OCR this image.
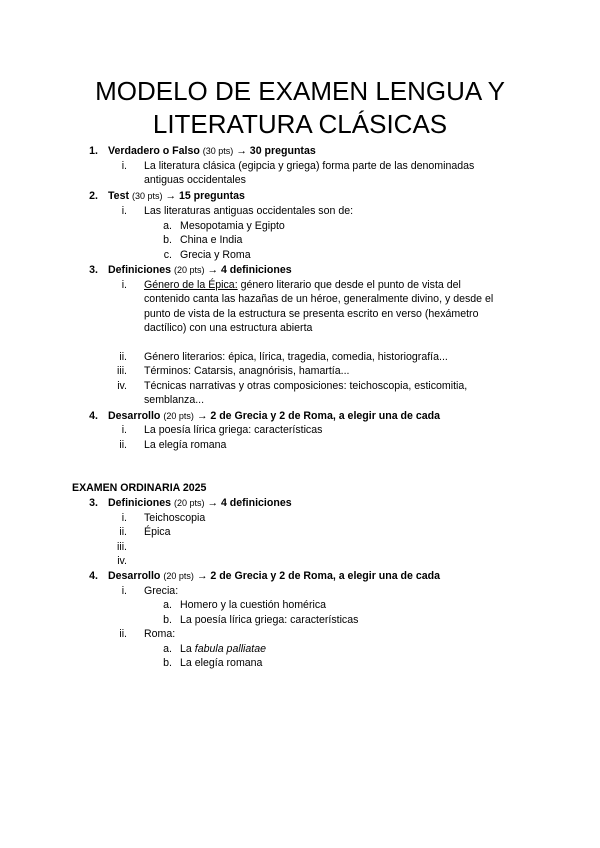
MODELO DE EXAMEN LENGUA Y
LITERATURA CLÁSICAS
1. Verdadero o Falso (30 pts) → 30 preguntas
i. La literatura clásica (egipcia y griega) forma parte de las denominadas
antiguas occidentales
2. Test (30 pts) → 15 preguntas
i. Las literaturas antiguas occidentales son de:
a. Mesopotamia y Egipto
b. China e India
c. Grecia y Roma
3. Definiciones (20 pts) → 4 definiciones
i. Género de la Épica: género literario que desde el punto de vista del
contenido canta las hazañas de un héroe, generalmente divino, y desde el
punto de vista de la estructura se presenta escrito en verso (hexámetro
dactílico) con una estructura abierta
ii. Género literarios: épica, lírica, tragedia, comedia, historiografía...
iii. Términos: Catarsis, anagnórisis, hamartía...
iv. Técnicas narrativas y otras composiciones: teichoscopia, esticomitia,
semblanza...
4. Desarrollo (20 pts) → 2 de Grecia y 2 de Roma, a elegir una de cada
i. La poesía lírica griega: características
ii. La elegía romana
EXAMEN ORDINARIA 2025
3. Definiciones (20 pts) → 4 definiciones
i. Teichoscopia
ii. Épica
iii.
iv.
4. Desarrollo (20 pts) → 2 de Grecia y 2 de Roma, a elegir una de cada
i. Grecia:
a. Homero y la cuestión homérica
b. La poesía lírica griega: características
ii. Roma:
a. La fabula palliatae
b. La elegía romana
